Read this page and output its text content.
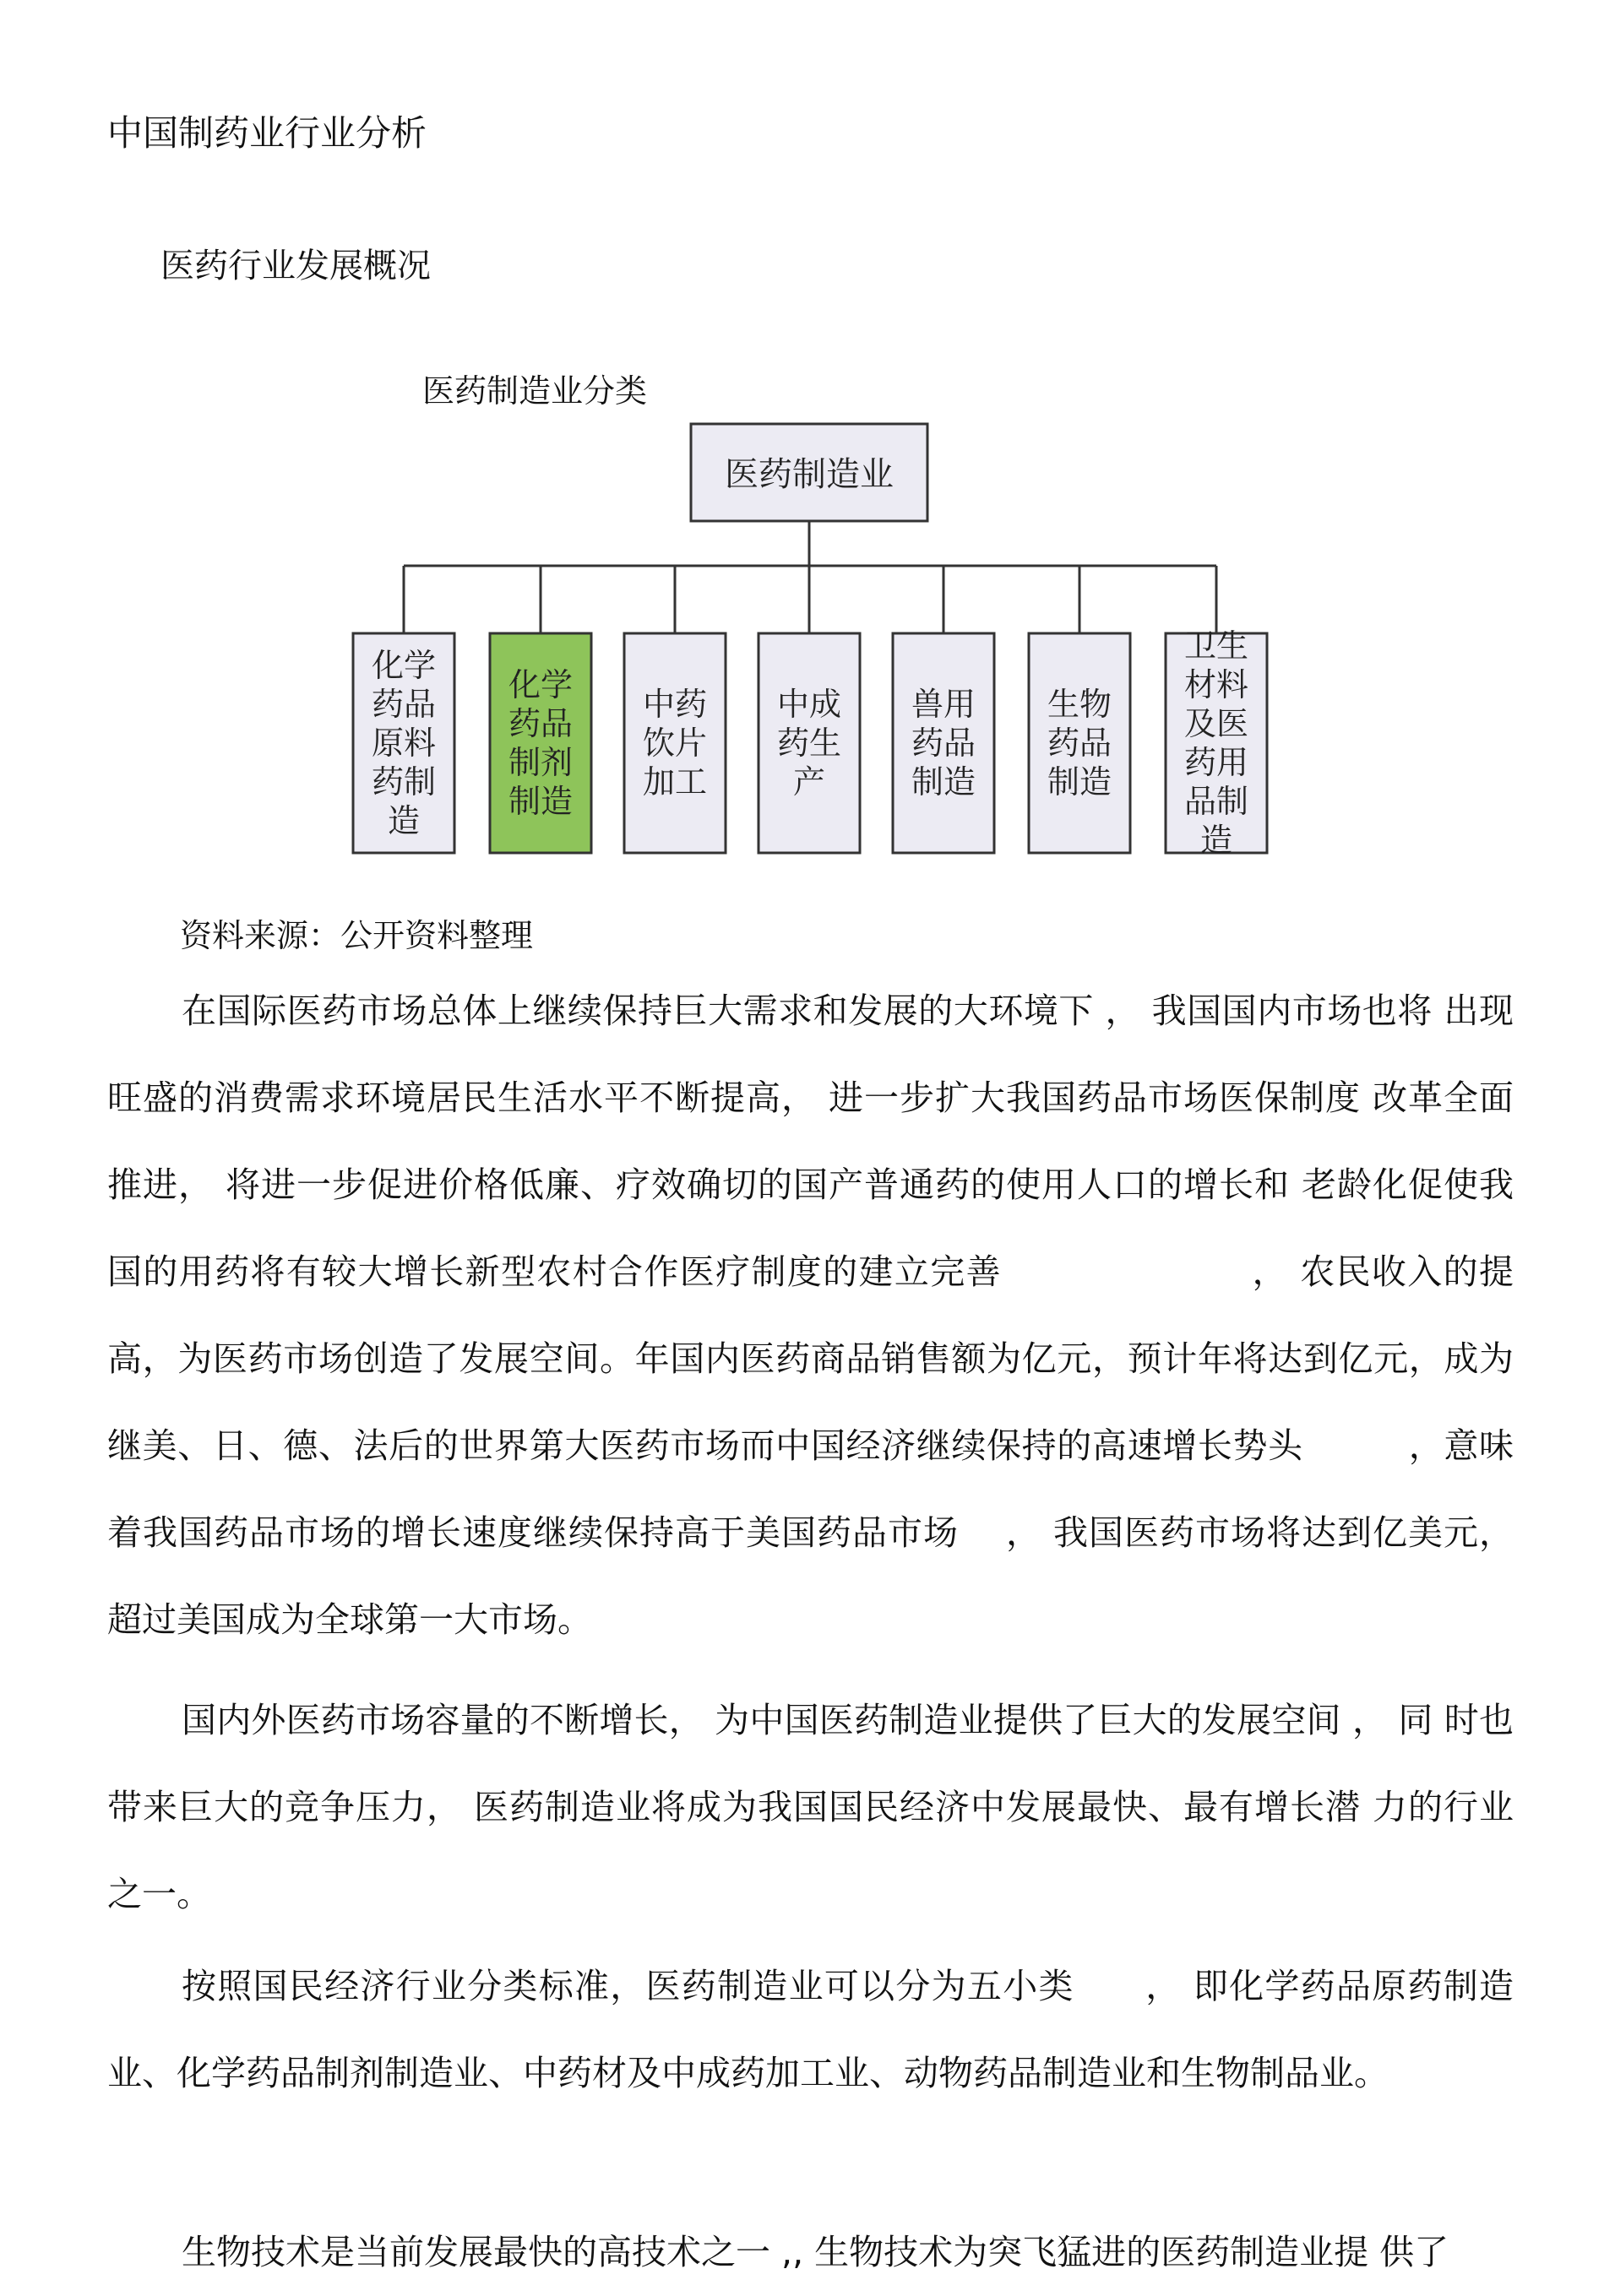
中国制药业行业分析
医药行业发展概况
医药制造业分类
医药制造业
化学
药品
原料
药制
造
化学
药品
制剂
制造
中药
饮片
加工
中成
药生
产
兽用
药品
制造
生物
药品
制造
卫生
材料
及医
药用
品制
造
资料来源：公开资料整理

在国际医药市场总体上继续保持巨大需求和发展的大环境下 ， 我国国内市场也将 出现旺盛的消费需求环境居民生活水平不断提高， 进一步扩大我国药品市场医保制度 改革全面推进， 将进一步促进价格低廉、疗效确切的国产普通药的使用人口的增长和 老龄化促使我国的用药将有较大增长新型农村合作医疗制度的建立完善　　　　　　　， 农民收入的提高，为医药市场创造了发展空间。年国内医药商品销售额为亿元，预计年将达到亿元，成为继美、日、德、法后的世界第大医药市场而中国经济继续保持的高速增长势头　　　，意味着我国药品市场的增长速度继续保持高于美国药品市场　 ， 我国医药市场将达到亿美元， 超过美国成为全球第一大市场。

国内外医药市场容量的不断增长， 为中国医药制造业提供了巨大的发展空间 ， 同 时也带来巨大的竞争压力， 医药制造业将成为我国国民经济中发展最快、最有增长潜 力的行业之一。

按照国民经济行业分类标准，医药制造业可以分为五小类　　， 即化学药品原药制造业、化学药品制剂制造业、中药材及中成药加工业、动物药品制造业和生物制品业。

生物技术是当前发展最快的高技术之一 ,, 生物技术为突飞猛进的医药制造业提 供了
